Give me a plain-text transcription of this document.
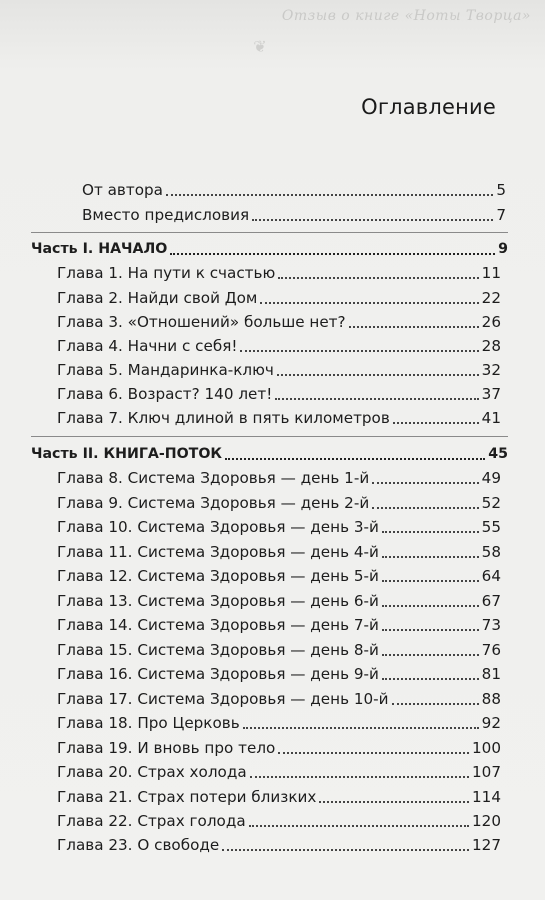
Отзыв о книге «Ноты Творца»
❦
Оглавление
От автора	5
Вместо предисловия	7
Часть I. НАЧАЛО	9
Глава 1. На пути к счастью	11
Глава 2. Найди свой Дом	22
Глава 3. «Отношений» больше нет?	26
Глава 4. Начни с себя!	28
Глава 5. Мандаринка-ключ	32
Глава 6. Возраст? 140 лет!	37
Глава 7. Ключ длиной в пять километров	41
Часть II. КНИГА-ПОТОК	45
Глава 8. Система Здоровья — день 1-й	49
Глава 9. Система Здоровья — день 2-й	52
Глава 10. Система Здоровья — день 3-й	55
Глава 11. Система Здоровья — день 4-й	58
Глава 12. Система Здоровья — день 5-й	64
Глава 13. Система Здоровья — день 6-й	67
Глава 14. Система Здоровья — день 7-й	73
Глава 15. Система Здоровья — день 8-й	76
Глава 16. Система Здоровья — день 9-й	81
Глава 17. Система Здоровья — день 10-й	88
Глава 18. Про Церковь	92
Глава 19. И вновь про тело	100
Глава 20. Страх холода	107
Глава 21. Страх потери близких	114
Глава 22. Страх голода	120
Глава 23. О свободе	127
